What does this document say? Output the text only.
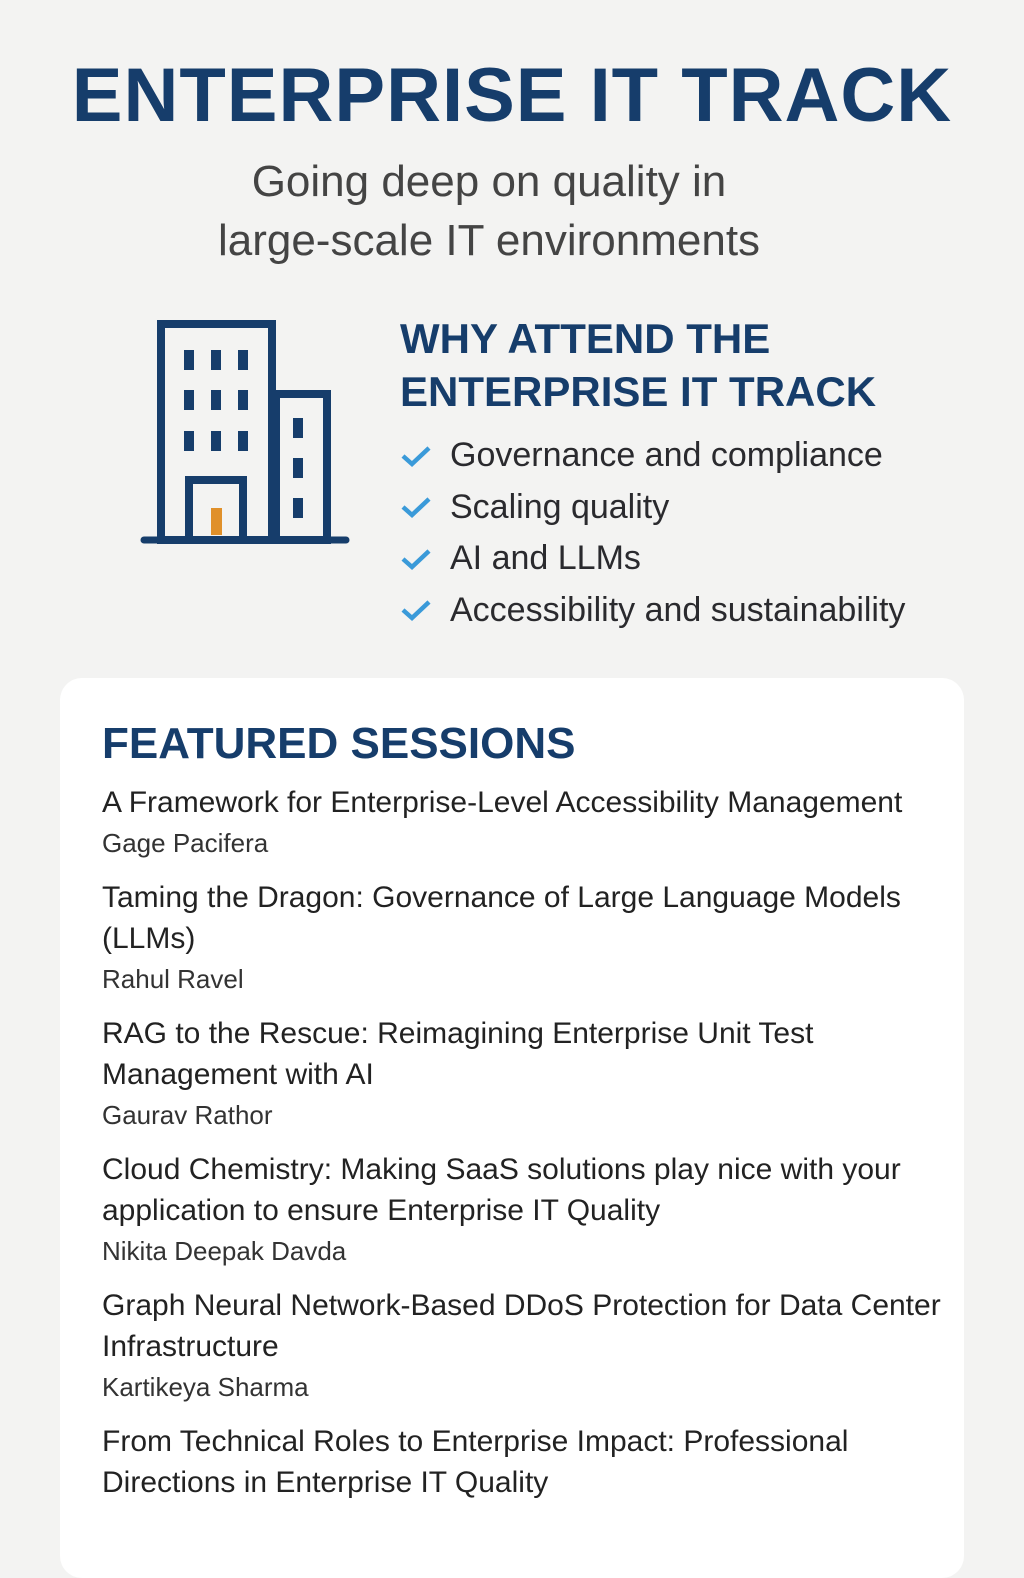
ENTERPRISE IT TRACK
Going deep on quality in
large-scale IT environments
WHY ATTEND THE
ENTERPRISE IT TRACK
Governance and compliance
Scaling quality
AI and LLMs
Accessibility and sustainability
FEATURED SESSIONS
A Framework for Enterprise-Level Accessibility Management
Gage Pacifera
Taming the Dragon: Governance of Large Language Models (LLMs)
Rahul Ravel
RAG to the Rescue: Reimagining Enterprise Unit Test Management with AI
Gaurav Rathor
Cloud Chemistry: Making SaaS solutions play nice with your application to ensure Enterprise IT Quality
Nikita Deepak Davda
Graph Neural Network-Based DDoS Protection for Data Center Infrastructure
Kartikeya Sharma
From Technical Roles to Enterprise Impact: Professional Directions in Enterprise IT Quality
